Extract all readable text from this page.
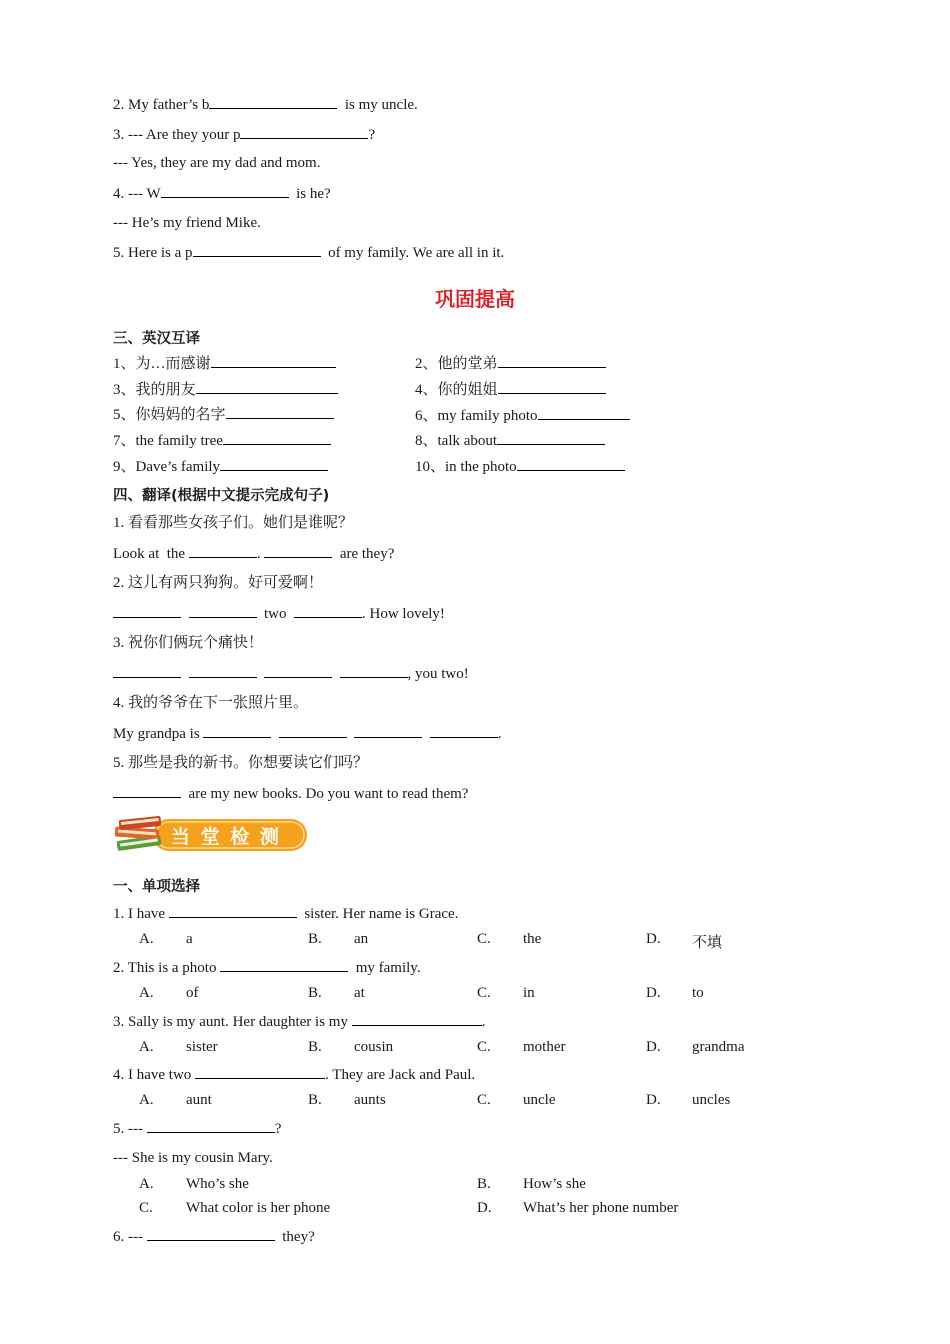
2. My father’s b	is my uncle.
3. --- Are they your p	?
--- Yes, they are my dad and mom.
4. --- W	is he?
--- He’s my friend Mike.
5. Here is a p	of my family. We are all in it.
巩固提高
三、英汉互译
1、为…而感谢	2、他的堂弟
3、我的朋友	4、你的姐姐
5、你妈妈的名字	6、my family photo
7、the family tree	8、talk about
9、Dave’s family	10、in the photo
四、翻译(根据中文提示完成句子)
1. 看看那些女孩子们。她们是谁呢？
Look at  the	.	are they?
2. 这儿有两只狗狗。好可爱啊！
two	. How lovely!
3. 祝你们俩玩个痛快！
, you two!
4. 我的爷爷在下一张照片里。
My grandpa is	.
5. 那些是我的新书。你想要读它们吗？
are my new books. Do you want to read them?
当 堂 检 测
一、单项选择
1. I have	sister. Her name is Grace.
A. a	B. an	C. the	D. 不填
2. This is a photo	my family.
A. of	B. at	C. in	D. to
3. Sally is my aunt. Her daughter is my	.
A. sister	B. cousin	C. mother	D. grandma
4. I have two	. They are Jack and Paul.
A. aunt	B. aunts	C. uncle	D. uncles
5. ---	?
--- She is my cousin Mary.
A. Who’s she	B. How’s she
C. What color is her phone	D. What’s her phone number
6. ---	they?
